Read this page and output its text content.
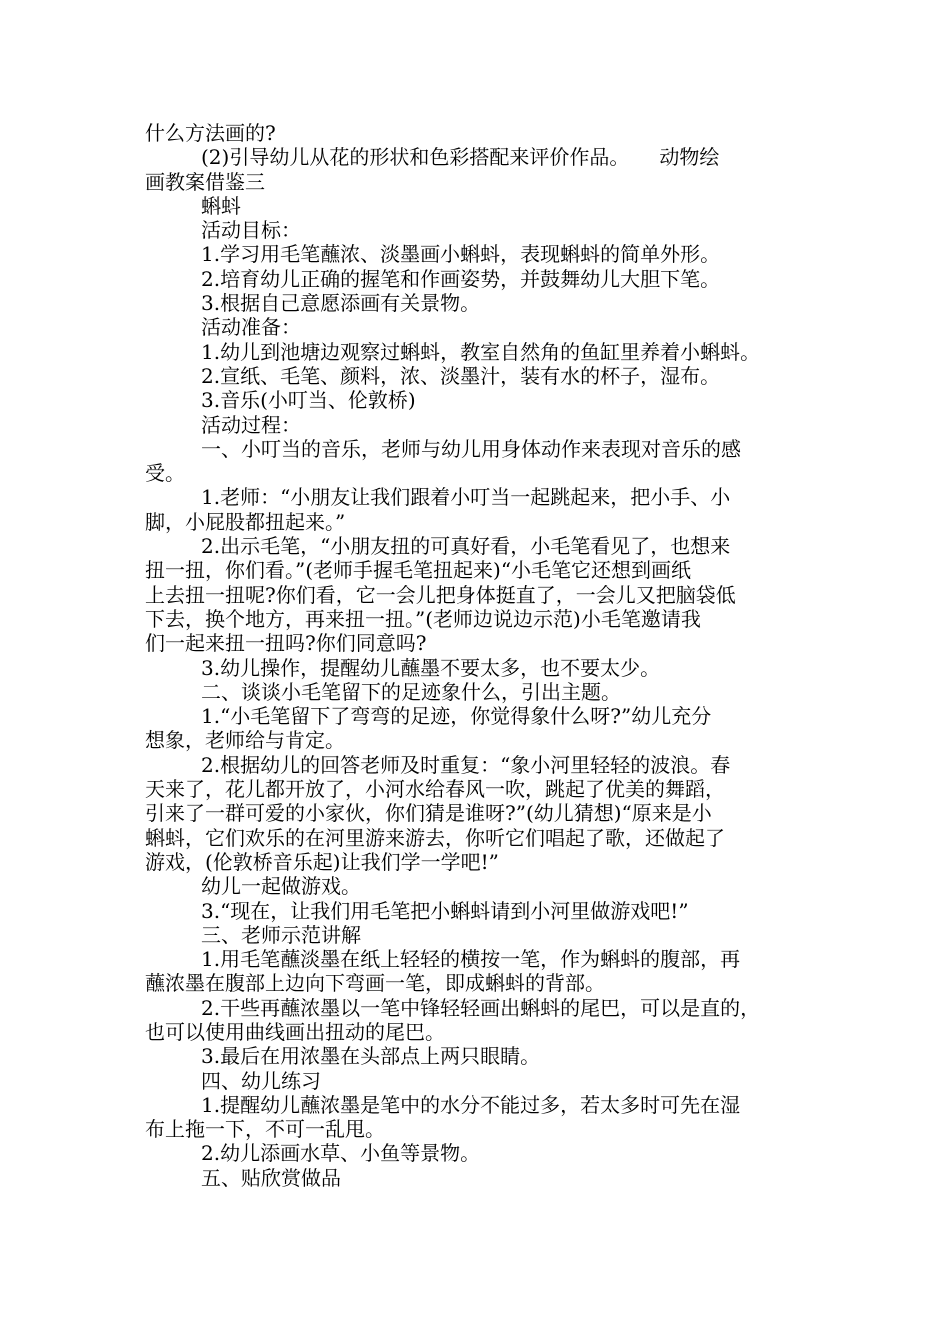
什么方法画的?
(2)引导幼儿从花的形状和色彩搭配来评价作品。　　动物绘
画教案借鉴三
蝌蚪
活动目标：
1.学习用毛笔蘸浓、淡墨画小蝌蚪，表现蝌蚪的简单外形。
2.培育幼儿正确的握笔和作画姿势，并鼓舞幼儿大胆下笔。
3.根据自己意愿添画有关景物。
活动准备：
1.幼儿到池塘边观察过蝌蚪，教室自然角的鱼缸里养着小蝌蚪。
2.宣纸、毛笔、颜料，浓、淡墨汁，装有水的杯子，湿布。
3.音乐(小叮当、伦敦桥)
活动过程：
一、小叮当的音乐，老师与幼儿用身体动作来表现对音乐的感
受。
1.老师：“小朋友让我们跟着小叮当一起跳起来，把小手、小
脚，小屁股都扭起来。”
2.出示毛笔，“小朋友扭的可真好看，小毛笔看见了，也想来
扭一扭，你们看。”(老师手握毛笔扭起来)“小毛笔它还想到画纸
上去扭一扭呢?你们看，它一会儿把身体挺直了，一会儿又把脑袋低
下去，换个地方，再来扭一扭。”(老师边说边示范)小毛笔邀请我
们一起来扭一扭吗?你们同意吗?
3.幼儿操作，提醒幼儿蘸墨不要太多，也不要太少。
二、谈谈小毛笔留下的足迹象什么，引出主题。
1.“小毛笔留下了弯弯的足迹，你觉得象什么呀?”幼儿充分
想象，老师给与肯定。
2.根据幼儿的回答老师及时重复：“象小河里轻轻的波浪。春
天来了，花儿都开放了，小河水给春风一吹，跳起了优美的舞蹈，
引来了一群可爱的小家伙，你们猜是谁呀?”(幼儿猜想)“原来是小
蝌蚪，它们欢乐的在河里游来游去，你听它们唱起了歌，还做起了
游戏，(伦敦桥音乐起)让我们学一学吧!”
幼儿一起做游戏。
3.“现在，让我们用毛笔把小蝌蚪请到小河里做游戏吧!”
三、老师示范讲解
1.用毛笔蘸淡墨在纸上轻轻的横按一笔，作为蝌蚪的腹部，再
蘸浓墨在腹部上边向下弯画一笔，即成蝌蚪的背部。
2.干些再蘸浓墨以一笔中锋轻轻画出蝌蚪的尾巴，可以是直的，
也可以使用曲线画出扭动的尾巴。
3.最后在用浓墨在头部点上两只眼睛。
四、幼儿练习
1.提醒幼儿蘸浓墨是笔中的水分不能过多，若太多时可先在湿
布上拖一下，不可一乱甩。
2.幼儿添画水草、小鱼等景物。
五、贴欣赏做品
